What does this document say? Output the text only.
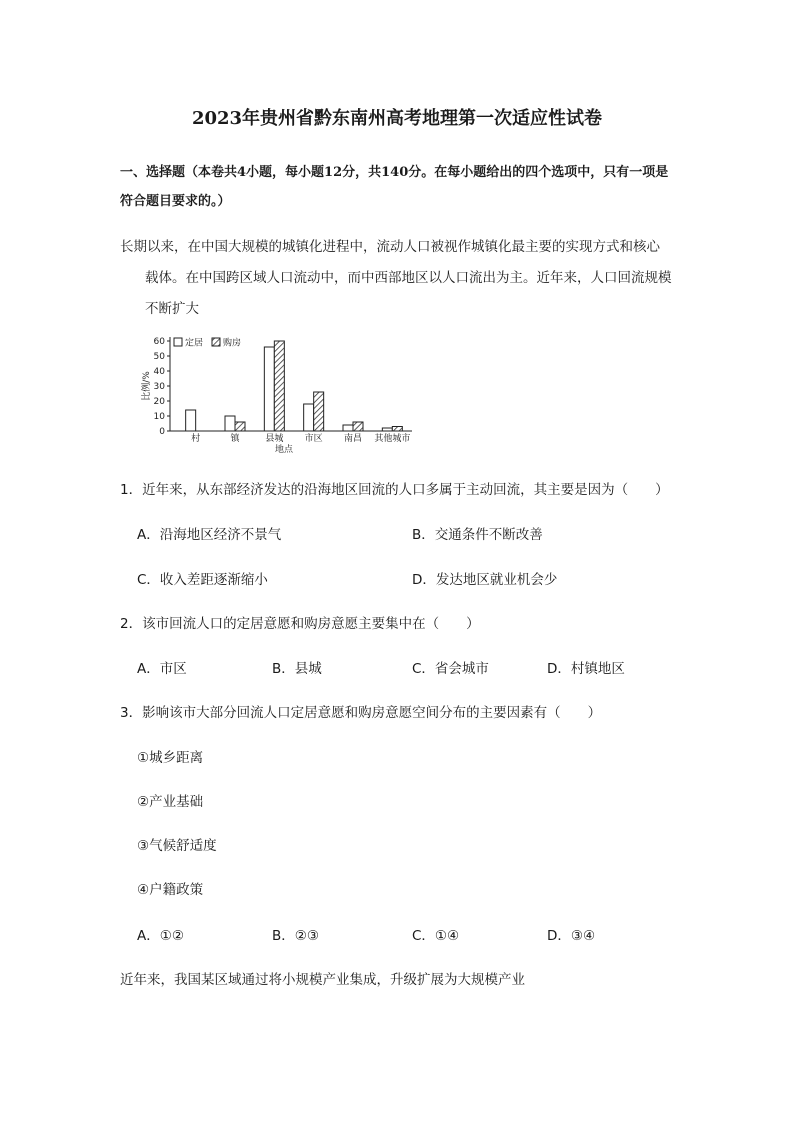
2023年贵州省黔东南州高考地理第一次适应性试卷
一、选择题（本卷共4小题，每小题12分，共140分。在每小题给出的四个选项中，只有一项是符合题目要求的。）
长期以来，在中国大规模的城镇化进程中，流动人口被视作城镇化最主要的实现方式和核心
载体。在中国跨区域人口流动中，而中西部地区以人口流出为主。近年来，人口回流规模不断扩大
0
10
20
30
40
50
60
比例/%
村	镇	县城 市区 南昌 其他城市
地点
定居 购房
1．近年来，从东部经济发达的沿海地区回流的人口多属于主动回流，其主要是因为（　　）
A．沿海地区经济不景气	B．交通条件不断改善
C．收入差距逐渐缩小	D．发达地区就业机会少
2．该市回流人口的定居意愿和购房意愿主要集中在（　　）
A．市区	B．县城	C．省会城市	D．村镇地区
3．影响该市大部分回流人口定居意愿和购房意愿空间分布的主要因素有（　　）
①城乡距离
②产业基础
③气候舒适度
④户籍政策
A．①②	B．②③	C．①④	D．③④
近年来，我国某区域通过将小规模产业集成，升级扩展为大规模产业
